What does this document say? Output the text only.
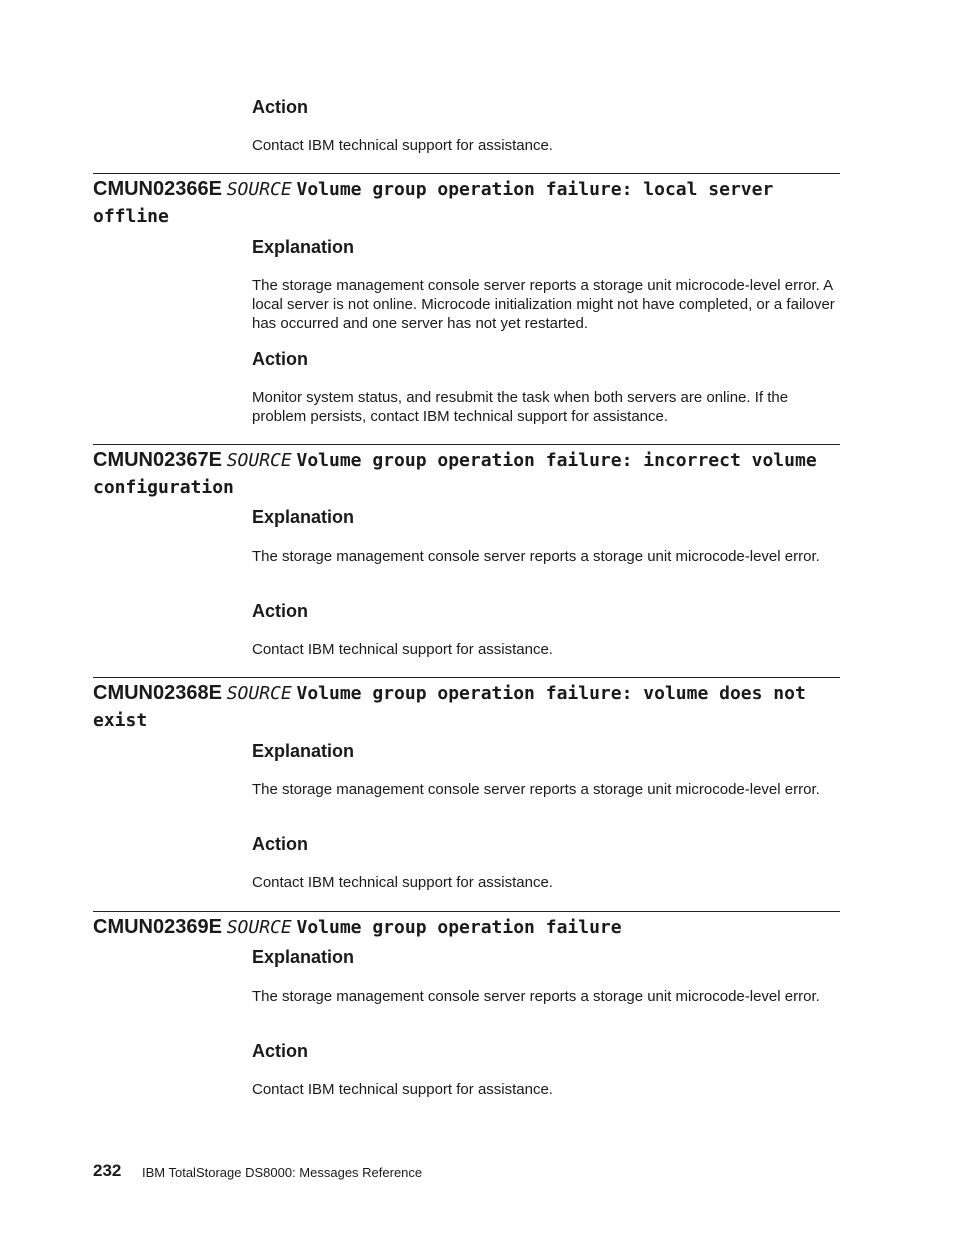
Action
Contact IBM technical support for assistance.
CMUN02366E SOURCE Volume group operation failure: local server offline
Explanation
The storage management console server reports a storage unit microcode-level error. A local server is not online. Microcode initialization might not have completed, or a failover has occurred and one server has not yet restarted.
Action
Monitor system status, and resubmit the task when both servers are online. If the problem persists, contact IBM technical support for assistance.
CMUN02367E SOURCE Volume group operation failure: incorrect volume configuration
Explanation
The storage management console server reports a storage unit microcode-level error.
Action
Contact IBM technical support for assistance.
CMUN02368E SOURCE Volume group operation failure: volume does not exist
Explanation
The storage management console server reports a storage unit microcode-level error.
Action
Contact IBM technical support for assistance.
CMUN02369E SOURCE Volume group operation failure
Explanation
The storage management console server reports a storage unit microcode-level error.
Action
Contact IBM technical support for assistance.
232 IBM TotalStorage DS8000: Messages Reference
